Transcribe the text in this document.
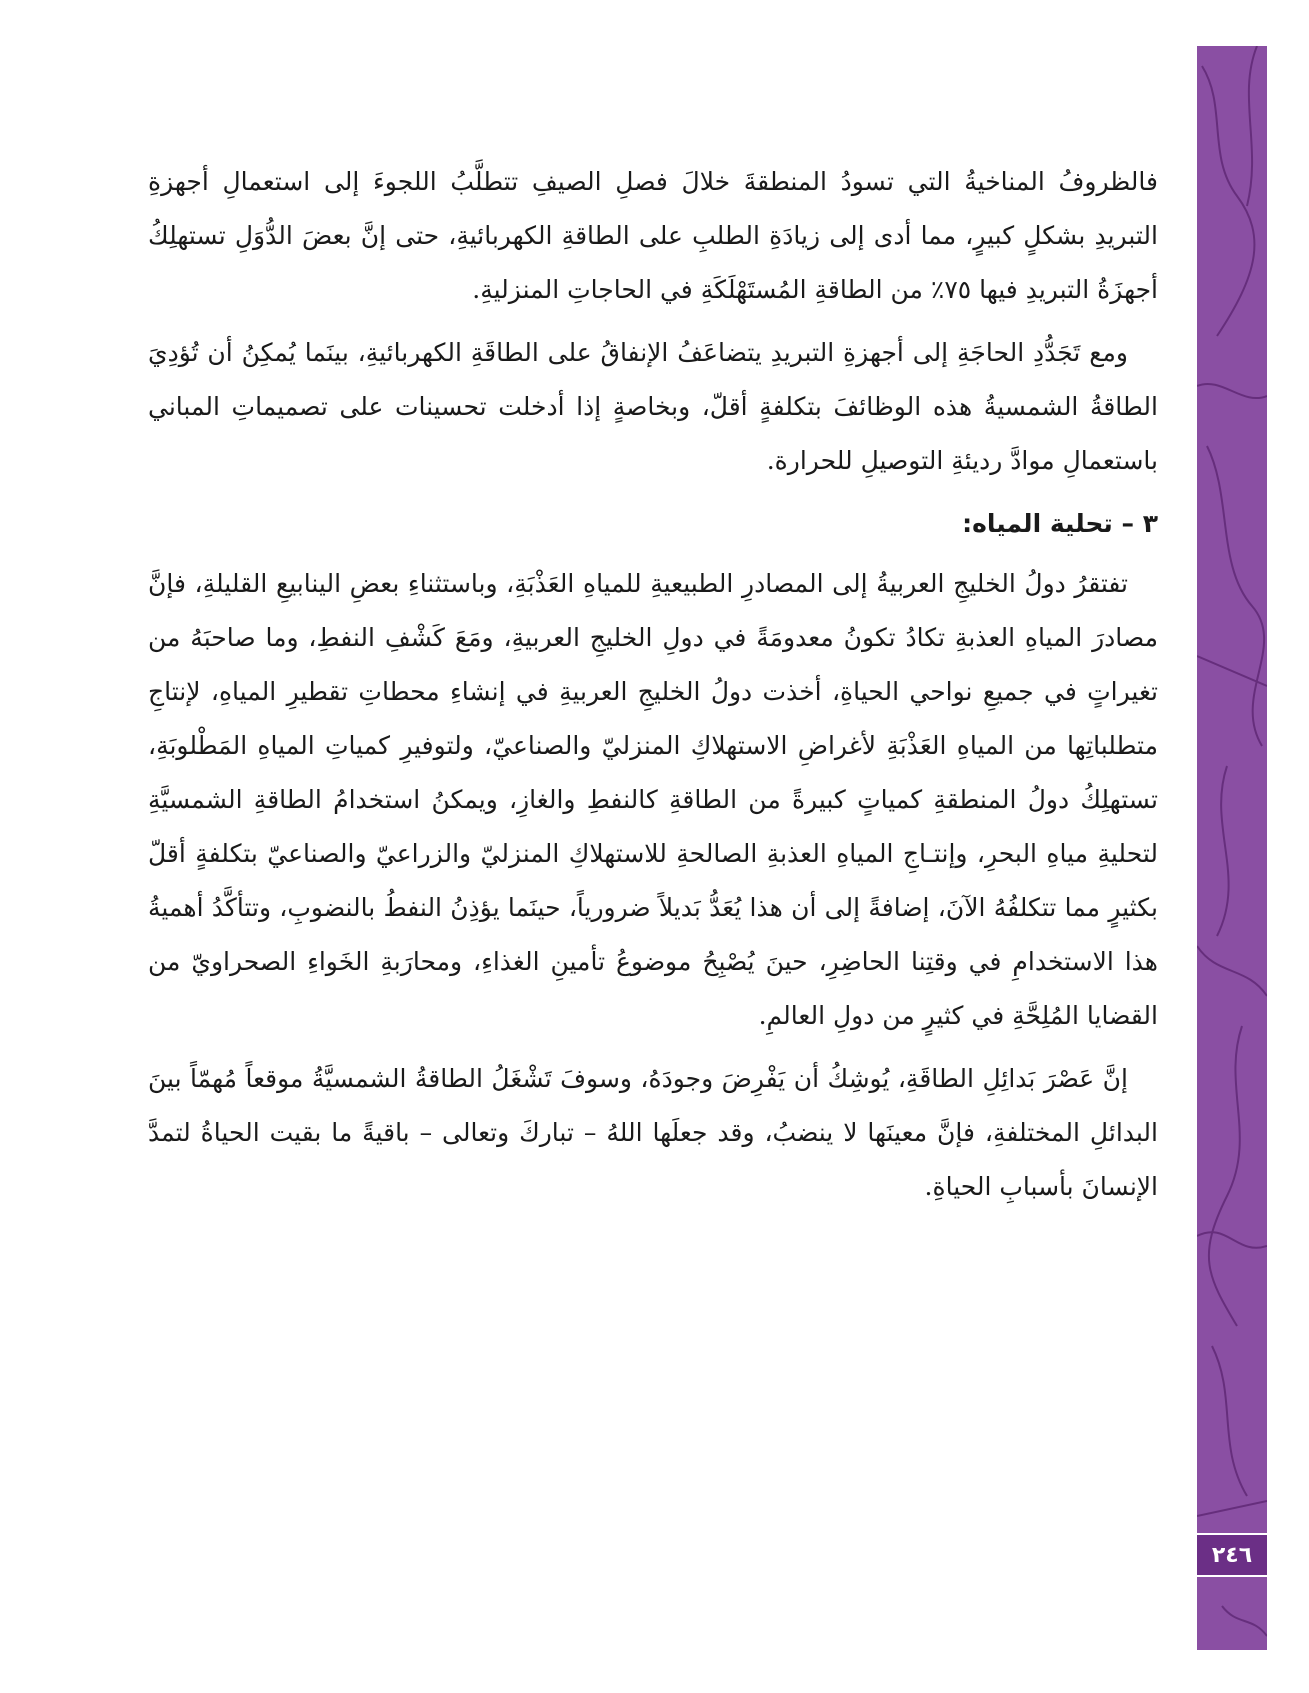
٢٤٦

فالظروفُ المناخيةُ التي تسودُ المنطقةَ خلالَ فصلِ الصيفِ تتطلَّبُ اللجوءَ إلى استعمالِ أجهزةِ التبريدِ بشكلٍ كبيرٍ، مما أدى إلى زيادَةِ الطلبِ على الطاقةِ الكهربائيةِ، حتى إنَّ بعضَ الدُّوَلِ تستهلِكُ أجهزَةُ التبريدِ فيها ٧٥٪ من الطاقةِ المُستَهْلَكَةِ في الحاجاتِ المنزليةِ.

ومع تَجَدُّدِ الحاجَةِ إلى أجهزةِ التبريدِ يتضاعَفُ الإنفاقُ على الطاقَةِ الكهربائيةِ، بينَما يُمكِنُ أن تُؤدِيَ الطاقةُ الشمسيةُ هذه الوظائفَ بتكلفةٍ أقلّ، وبخاصةٍ إذا أدخلت تحسينات على تصميماتِ المباني باستعمالِ موادَّ رديئةِ التوصيلِ للحرارة.

٣ – تحلية المياه:

تفتقرُ دولُ الخليجِ العربيةُ إلى المصادرِ الطبيعيةِ للمياهِ العَذْبَةِ، وباستثناءِ بعضِ الينابيعِ القليلةِ، فإنَّ مصادرَ المياهِ العذبةِ تكادُ تكونُ معدومَةً في دولِ الخليجِ العربيةِ، ومَعَ كَشْفِ النفطِ، وما صاحبَهُ من تغيراتٍ في جميعِ نواحي الحياةِ، أخذت دولُ الخليجِ العربيةِ في إنشاءِ محطاتِ تقطيرِ المياهِ، لإنتاجِ متطلباتِها من المياهِ العَذْبَةِ لأغراضِ الاستهلاكِ المنزليّ والصناعيّ، ولتوفيرِ كمياتِ المياهِ المَطْلوبَةِ، تستهلِكُ دولُ المنطقةِ كمياتٍ كبيرةً من الطاقةِ كالنفطِ والغازِ، ويمكنُ استخدامُ الطاقةِ الشمسيَّةِ لتحليةِ مياهِ البحرِ، وإنتـاجِ المياهِ العذبةِ الصالحةِ للاستهلاكِ المنزليّ والزراعيّ والصناعيّ بتكلفةٍ أقلّ بكثيرٍ مما تتكلفُهُ الآنَ، إضافةً إلى أن هذا يُعَدُّ بَديلاً ضرورياً، حينَما يؤذِنُ النفطُ بالنضوبِ، وتتأكَّدُ أهميةُ هذا الاستخدامِ في وقتِنا الحاضِرِ، حينَ يُصْبِحُ موضوعُ تأمينِ الغذاءِ، ومحارَبةِ الخَواءِ الصحراويّ من القضايا المُلِحَّةِ في كثيرٍ من دولِ العالمِ.

إنَّ عَصْرَ بَدائِلِ الطاقَةِ، يُوشِكُ أن يَفْرِضَ وجودَهُ، وسوفَ تَشْغَلُ الطاقةُ الشمسيَّةُ موقعاً مُهمّاً بينَ البدائلِ المختلفةِ، فإنَّ معينَها لا ينضبُ، وقد جعلَها اللهُ – تباركَ وتعالى – باقيةً ما بقيت الحياةُ لتمدَّ الإنسانَ بأسبابِ الحياةِ.
